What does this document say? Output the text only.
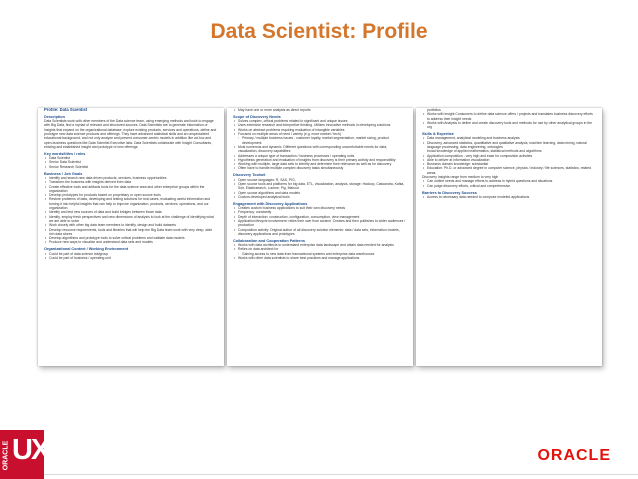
Data Scientist: Profile
Profile: Data Scientist
Description
Data Scientists work with other members of the Data science team, using emerging methods and tools to engage with Big Data, find a myriad of relevant and structured sources. Data Scientists are to generate information or insights that expand on the organizational database, explore existing products, services and operations, define and prototype new data science products and offerings. They have advanced statistical skills and an unspecialized educational background, and not only analyze and present consumer-centric models in addition like ad-hoc and open-business questions like Data Scientist Executive labs. Data Scientists collaborate with Insight Consultants, existing and established insight and prototype of new offerings.
Key words/titles / roles
• Data Scientist
• Senior Data Scientist
• Senior Research Scientist
Business / Job Goals
• Identify and search new data driven products, services, business opportunities
• Transform the business with insights derived from data
• Create effective tools and artifacts tools for the data science area and other enterprise groups within the organization
• Develop prototypes for products based on proprietary or open source tools
• Restore problems of data, developing and testing solutions for real cases, evaluating useful information and turning it into helpful insights that can help to improve organization, products, services, operations, and our organization
• Identify and test new sources of data and build bridges between those data
• Identify, employ fresh perspectives and new dimensions of analysis to look at the challenge of identifying what we are able to solve
• Work closely with other big data team members to identify, design and build datasets
• Develop resource requirements, tools and libraries that will help the Big Data team work with very deep, wide rich data stores
• Develop algorithms and prototype tools to solve critical problems and validate data models
• Produce new ways to visualize and understand data sets and models
Organizational Context / Working Environment
• Could be part of data science lab/group
• Could be part of business / operating unit
• May have one or more analysts as direct reports
Scope of Discovery Needs
• Solves complex, critical problems related to significant and unique issues
• Uses extensive research and interpretive thinking. Utilizes innovative methods in developing solutions
• Works on abstract problems requiring evaluation of intangible variables
• Focused on multiple areas of need / variety (e.g. more market / tech)
◦ Primary / multiple business issues - customer loyalty, market segmentation, market sizing, product development
• Most numerous and dynamic. Different questions with corresponding uncomfortable needs for data, visualization, discovery capabilities
• Addresses a unique type of transaction / business processes / operating units
• Hypothesis generation and evaluation of insights from discovery is their primary activity and responsibility
• Working with multiple, large data sets to identify and determine their relevance as well as for discovery
• Often have to handle multiple complex discovery tasks simultaneously
Discovery Toolset
• Open source languages: R, SAS, PIG,
• Open source tools and platforms for big data, ETL, visualization, analysis, storage: Hadoop, Cassandra, Kafka, Solr, Elasticsearch, Lucene, Pig, Mahout
• Open source algorithms and data models
• Custom-developed analytical tools
Engagement with Discovery Applications
• Creates custom business applications to suit their own discovery needs
• Frequency: constantly
• Depth of interaction: construction, configuration, consumption, view management
• Application lifecycle involvement: relies their own from scratch. Creates and then publishes to wider audiences / production
• Composition activity: Original author of all discovery solution elements: data / data sets, information models, discovery applications and prototypes
Collaboration and Cooperation Patterns
• Works with data architects to understand enterprise data landscape and obtain data needed for analysis
• Relies on data architect for
◦ Gaining access to new data from transactional systems and enterprise data warehouses
• Works with other data scientists to share best practices and manage applications
portfolios
• Works with Insight Consumers to define data science offers / projects and translates business discovery efforts to address their insight needs
• Works with Analysts to define and create discovery tools and methods for use by other analytical groups in the org
Skills & Expertise
• Data management, analytical modeling and business analysis
• Discovery, advanced statistics, quantitative and qualitative analysis, machine learning, data mining, natural language processing, data engineering, ontologies
broad knowledge of applied mathematics, statistical methods and algorithms
• Application composition - very high and ease for composition activities
• Able to deliver at information visualization
• Business domain knowledge: substantial
• Education: Ph.D. or advanced degree in computer science, physics / industry / life sciences, statistics, related areas
Discovery Insights range from medium to very high
• Can outline needs and manage efforts to address in hybrid questions and situations
• Can judge discovery efforts, critical and comprehensive
Barriers to Discovery Success
• Access to necessary data needed to compose modeled applications
ORACLE UX	ORACLE
